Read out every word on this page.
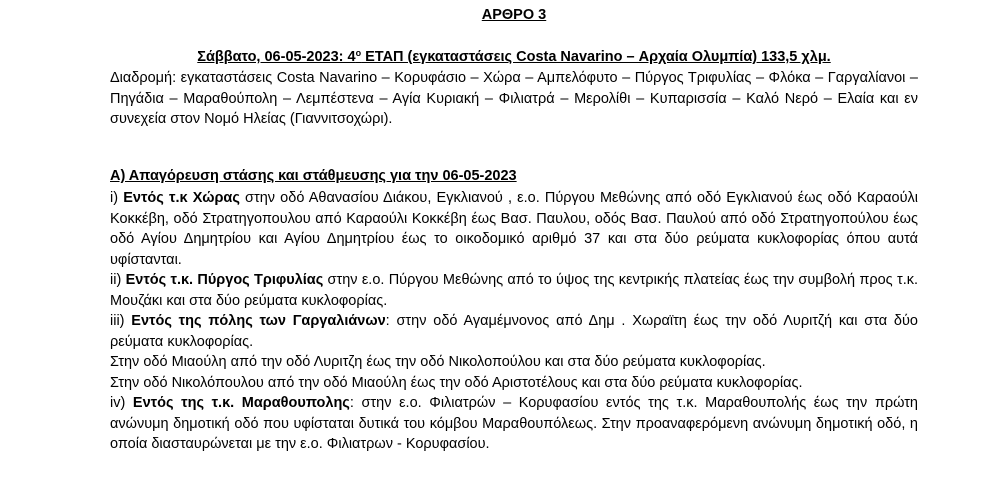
ΑΡΘΡΟ 3
Σάββατο, 06-05-2023: $4^o$ ΕΤΑΠ (εγκαταστάσεις Costa Navarino – Αρχαία Ολυμπία) 133,5 χλμ.
Διαδρομή: εγκαταστάσεις Costa Navarino – Κορυφάσιο – Χώρα – Αμπελόφυτο – Πύργος Τριφυλίας – Φλόκα – Γαργαλίανοι – Πηγάδια – Μαραθούπολη – Λεμπέστενα – Αγία Κυριακή – Φιλιατρά – Μερολίθι – Κυπαρισσία – Καλό Νερό – Ελαία και εν συνεχεία στον Νομό Ηλείας (Γιαννιτσοχώρι).
Α) Απαγόρευση στάσης και στάθμευσης για την 06-05-2023

i) Εντός τ.κ Χώρας στην οδό Αθανασίου Διάκου, Εγκλιανού , ε.ο. Πύργου Μεθώνης από οδό Εγκλιανού έως οδό Καραούλι Κοκκέβη, οδό Στρατηγοπουλου από Καραούλι Κοκκέβη έως Βασ. Παυλου, οδός Βασ. Παυλού από οδό Στρατηγοπούλου έως οδό Αγίου Δημητρίου και Αγίου Δημητρίου έως το οικοδομικό αριθμό 37 και στα δύο ρεύματα κυκλοφορίας όπου αυτά υφίστανται.

ii) Εντός τ.κ. Πύργος Τριφυλίας στην ε.ο. Πύργου Μεθώνης από το ύψος της κεντρικής πλατείας έως την συμβολή προς τ.κ. Μουζάκι και στα δύο ρεύματα κυκλοφορίας.

iii) Εντός της πόλης των Γαργαλιάνων: στην οδό Αγαμέμνονος από Δημ . Χωραϊτη έως την οδό Λυριτζή και στα δύο ρεύματα κυκλοφορίας.

Στην οδό Μιαούλη από την οδό Λυριτζη έως την οδό Νικολοπούλου και στα δύο ρεύματα κυκλοφορίας.

Στην οδό Νικολόπουλου από την οδό Μιαούλη έως την οδό Αριστοτέλους και στα δύο ρεύματα κυκλοφορίας.

iv) Εντός της τ.κ. Μαραθουπολης: στην ε.ο. Φιλιατρών – Κορυφασίου εντός της τ.κ. Μαραθουπολής έως την πρώτη ανώνυμη δημοτική οδό που υφίσταται δυτικά του κόμβου Μαραθουπόλεως. Στην προαναφερόμενη ανώνυμη δημοτική οδό, η οποία διασταυρώνεται με την ε.ο. Φιλιατρων - Κορυφασίου.
